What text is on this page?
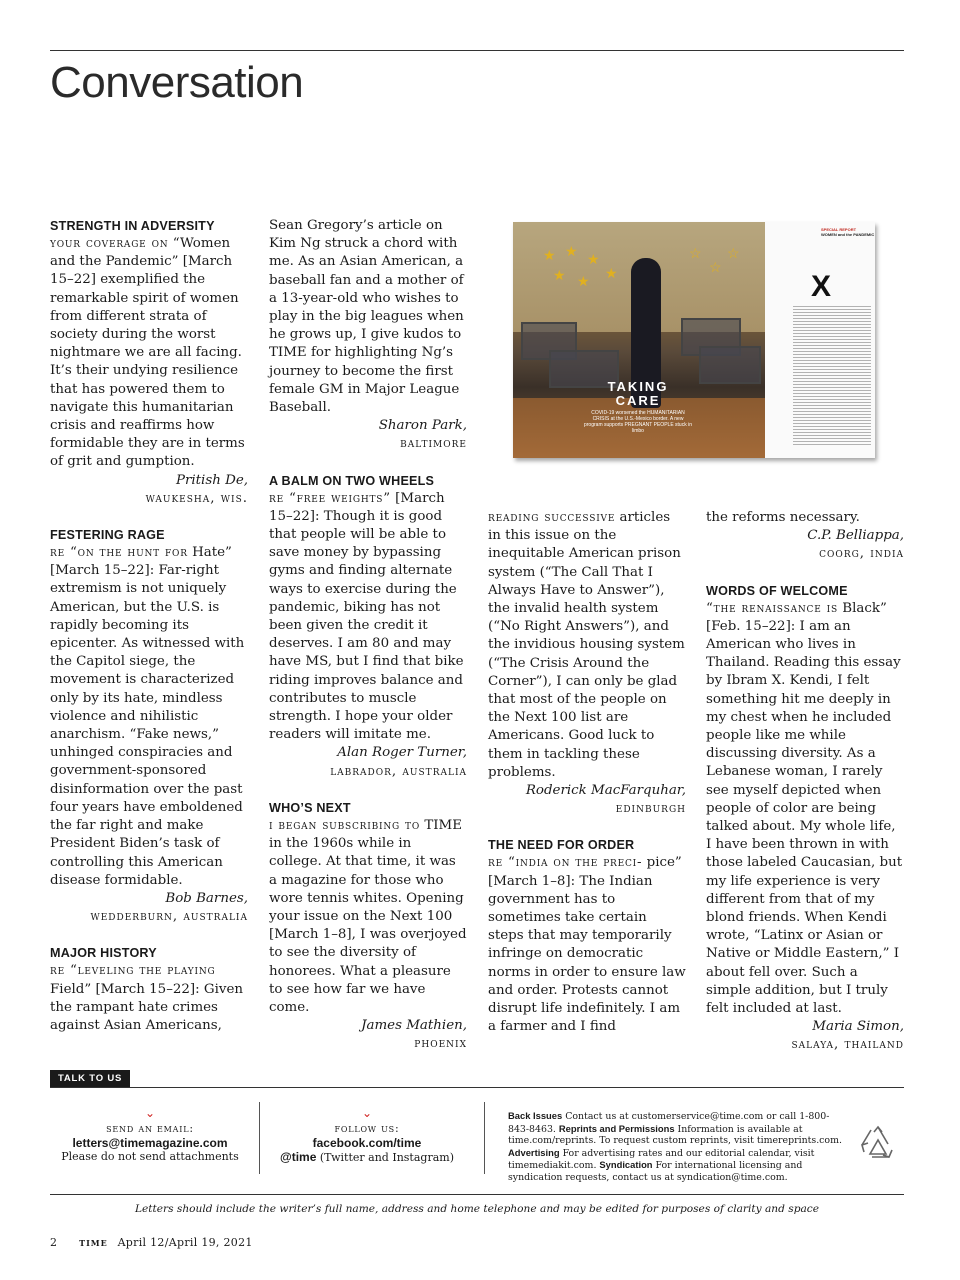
Conversation
STRENGTH IN ADVERSITY

your coverage on “Women and the Pandemic” [March 15–22] exemplified the remarkable spirit of women from different strata of society during the worst nightmare we are all facing. It’s their undying resilience that has powered them to navigate this humanitarian crisis and reaffirms how formidable they are in terms of grit and gumption.

Pritish De,
waukesha, wis.
FESTERING RAGE

re “on the hunt for Hate” [March 15–22]: Far-right extremism is not uniquely American, but the U.S. is rapidly becoming its epicenter. As witnessed with the Capitol siege, the movement is characterized only by its hate, mindless violence and nihilistic anarchism. “Fake news,” unhinged conspiracies and government-sponsored disinformation over the past four years have emboldened the far right and make President Biden’s task of controlling this American disease formidable.

Bob Barnes,
wedderburn, australia
MAJOR HISTORY

re “leveling the playing Field” [March 15–22]: Given the rampant hate crimes against Asian Americans,

Sean Gregory’s article on Kim Ng struck a chord with me. As an Asian American, a baseball fan and a mother of a 13-year-old who wishes to play in the big leagues when he grows up, I give kudos to TIME for highlighting Ng’s journey to become the first female GM in Major League Baseball.

Sharon Park,
baltimore
A BALM ON TWO WHEELS

re “free weights” [March 15–22]: Though it is good that people will be able to save money by bypassing gyms and finding alternate ways to exercise during the pandemic, biking has not been given the credit it deserves. I am 80 and may have MS, but I find that bike riding improves balance and contributes to muscle strength. I hope your older readers will imitate me.

Alan Roger Turner,
labrador, australia
WHO’S NEXT

i began subscribing to TIME in the 1960s while in college. At that time, it was a magazine for those who wore tennis whites. Opening your issue on the Next 100 [March 1–8], I was overjoyed to see the diversity of honorees. What a pleasure to see how far we have come.

James Mathien,
phoenix
★ ★ ★
★ ★ ★
☆
☆
☆
TAKING CARE
COVID-19 worsened the HUMANITARIAN CRISIS at the U.S.-Mexico border. A new program supports PREGNANT PEOPLE stuck in limbo
SPECIAL REPORT
WOMEN and the PANDEMIC
X

reading successive articles in this issue on the inequitable American prison system (“The Call That I Always Have to Answer”), the invalid health system (“No Right Answers”), and the invidious housing system (“The Crisis Around the Corner”), I can only be glad that most of the people on the Next 100 list are Americans. Good luck to them in tackling these problems.

Roderick MacFarquhar,
edinburgh
THE NEED FOR ORDER

re “india on the preci- pice” [March 1–8]: The Indian government has to sometimes take certain steps that may temporarily infringe on democratic norms in order to ensure law and order. Protests cannot disrupt life indefinitely. I am a farmer and I find

the reforms necessary.

C.P. Belliappa,
coorg, india
WORDS OF WELCOME

“the renaissance is Black” [Feb. 15–22]: I am an American who lives in Thailand. Reading this essay by Ibram X. Kendi, I felt something hit me deeply in my chest when he included people like me while discussing diversity. As a Lebanese woman, I rarely see myself depicted when people of color are being talked about. My whole life, I have been thrown in with those labeled Caucasian, but my life experience is very different from that of my blond friends. When Kendi wrote, “Latinx or Asian or Native or Middle Eastern,” I about fell over. Such a simple addition, but I truly felt included at last.

Maria Simon,
salaya, thailand
TALK TO US
⌄
send an email:
letters@timemagazine.com
Please do not send attachments
⌄
follow us:
facebook.com/time
@time (Twitter and Instagram)
Back Issues Contact us at customerservice@time.com or call 1-800-843-8463. Reprints and Permissions Information is available at time.com/reprints. To request custom reprints, visit timereprints.com. Advertising For advertising rates and our editorial calendar, visit timemediakit.com. Syndication For international licensing and syndication requests, contact us at syndication@time.com.
Letters should include the writer’s full name, address and home telephone and may be edited for purposes of clarity and space
2 time April 12/April 19, 2021
